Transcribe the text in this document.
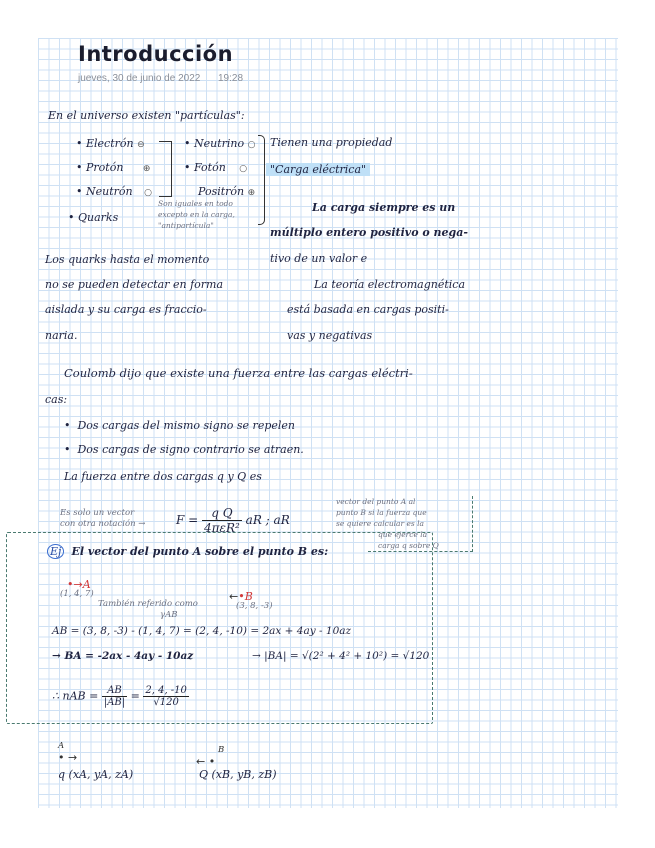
Introducción
jueves, 30 de junio de 2022 19:28
En el universo existen "partículas":
• Electrón ⊖
• Protón ⊕
• Neutrón ○
• Quarks
• Neutrino ○
• Fotón ○
Positrón ⊕
Son iguales en todo
excepto en la carga,
"antipartícula"
Tienen una propiedad
"Carga eléctrica"
La carga siempre es un
múltiplo entero positivo o nega-
tivo de un valor e
Los quarks hasta el momento
no se pueden detectar en forma
aislada y su carga es fraccio-
naria.
La teoría electromagnética
está basada en cargas positi-
vas y negativas
Coulomb dijo que existe una fuerza entre las cargas eléctri-
cas:
•  Dos cargas del mismo signo se repelen
•  Dos cargas de signo contrario se atraen.
La fuerza entre dos cargas q y Q es
Es solo un vector
con otra notación →	$F = \frac{\text{q Q}}{\text{4πεR²}}$ aR ; aR
vector del punto A al
punto B si la fuerza que
se quiere calcular es la
que ejerce la
carga q sobre Q
Ej El vector del punto A sobre el punto B es:
•→A
(1, 4, 7)	←•B
(3, 8, -3)
También referido como
γAB
AB = (3, 8, -3) - (1, 4, 7) = (2, 4, -10) = 2ax + 4ay - 10az
→ BA = -2ax - 4ay - 10az	→ |BA| = √(2² + 4² + 10²) = √120
∴ nAB = $\frac{AB}{|AB|} = \frac{2, 4, -10}{√120}$
A
• →
B
← •
q (xA, yA, zA)	Q (xB, yB, zB)
